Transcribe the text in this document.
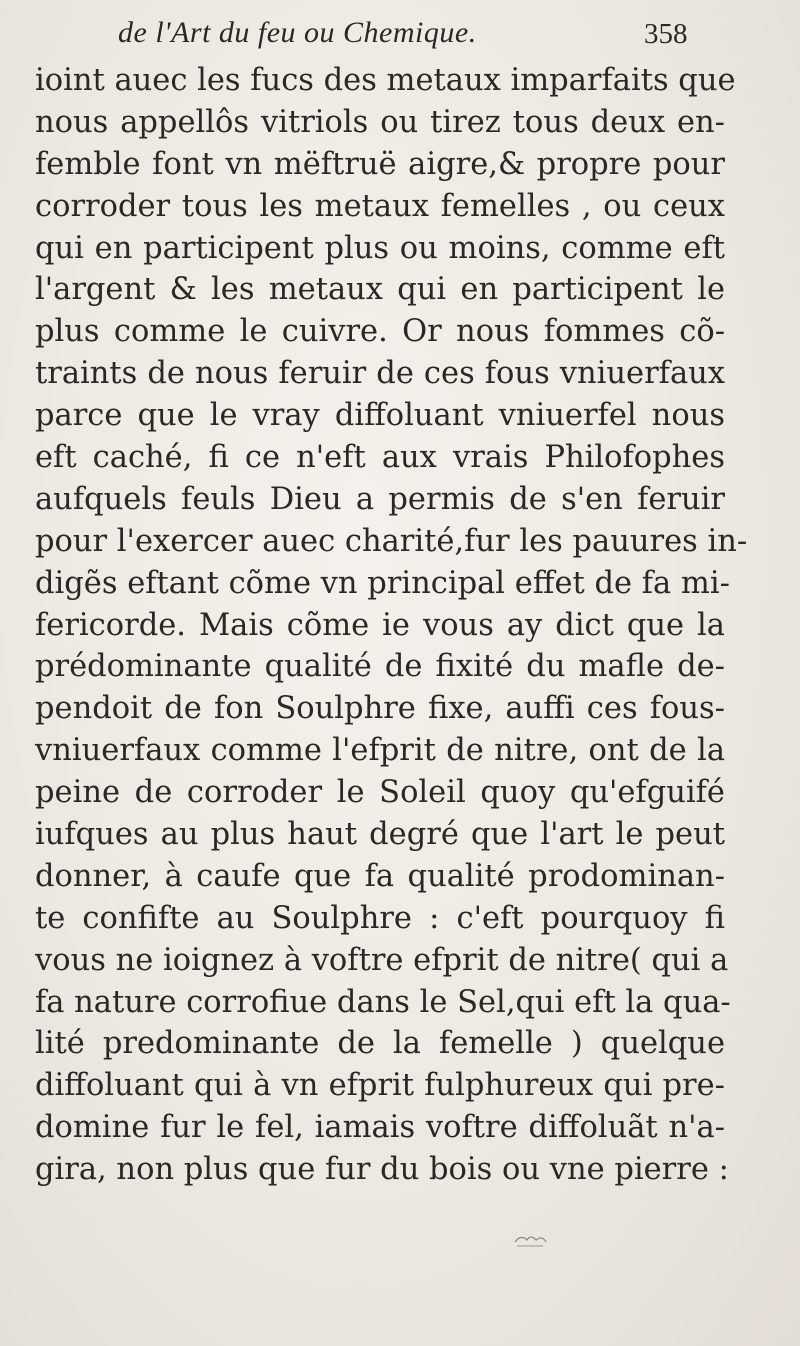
de l'Art du feu ou Chemique.	358
ioint auec les fucs des metaux imparfaits que
nous appellôs vitriols ou tirez tous deux en-
femble font vn mëftruë aigre,& propre pour
corroder tous les metaux femelles , ou ceux
qui en participent plus ou moins, comme eft
l'argent & les metaux qui en participent le
plus comme le cuivre. Or nous fommes cõ-
traints de nous feruir de ces fous vniuerfaux
parce que le vray diffoluant vniuerfel nous
eft caché, fi ce n'eft aux vrais Philofophes
aufquels feuls Dieu a permis de s'en feruir
pour l'exercer auec charité,fur les pauures in-
digẽs eftant cõme vn principal effet de fa mi-
fericorde. Mais cõme ie vous ay dict que la
prédominante qualité de fixité du mafle de-
pendoit de fon Soulphre fixe, auffi ces fous-
vniuerfaux comme l'efprit de nitre, ont de la
peine de corroder le Soleil quoy qu'efguifé
iufques au plus haut degré que l'art le peut
donner, à caufe que fa qualité prodominan-
te confifte au Soulphre : c'eft pourquoy fi
vous ne ioignez à voftre efprit de nitre( qui a
fa nature corrofiue dans le Sel,qui eft la qua-
lité predominante de la femelle ) quelque
diffoluant qui à vn efprit fulphureux qui pre-
domine fur le fel, iamais voftre diffoluãt n'a-
gira, non plus que fur du bois ou vne pierre :
